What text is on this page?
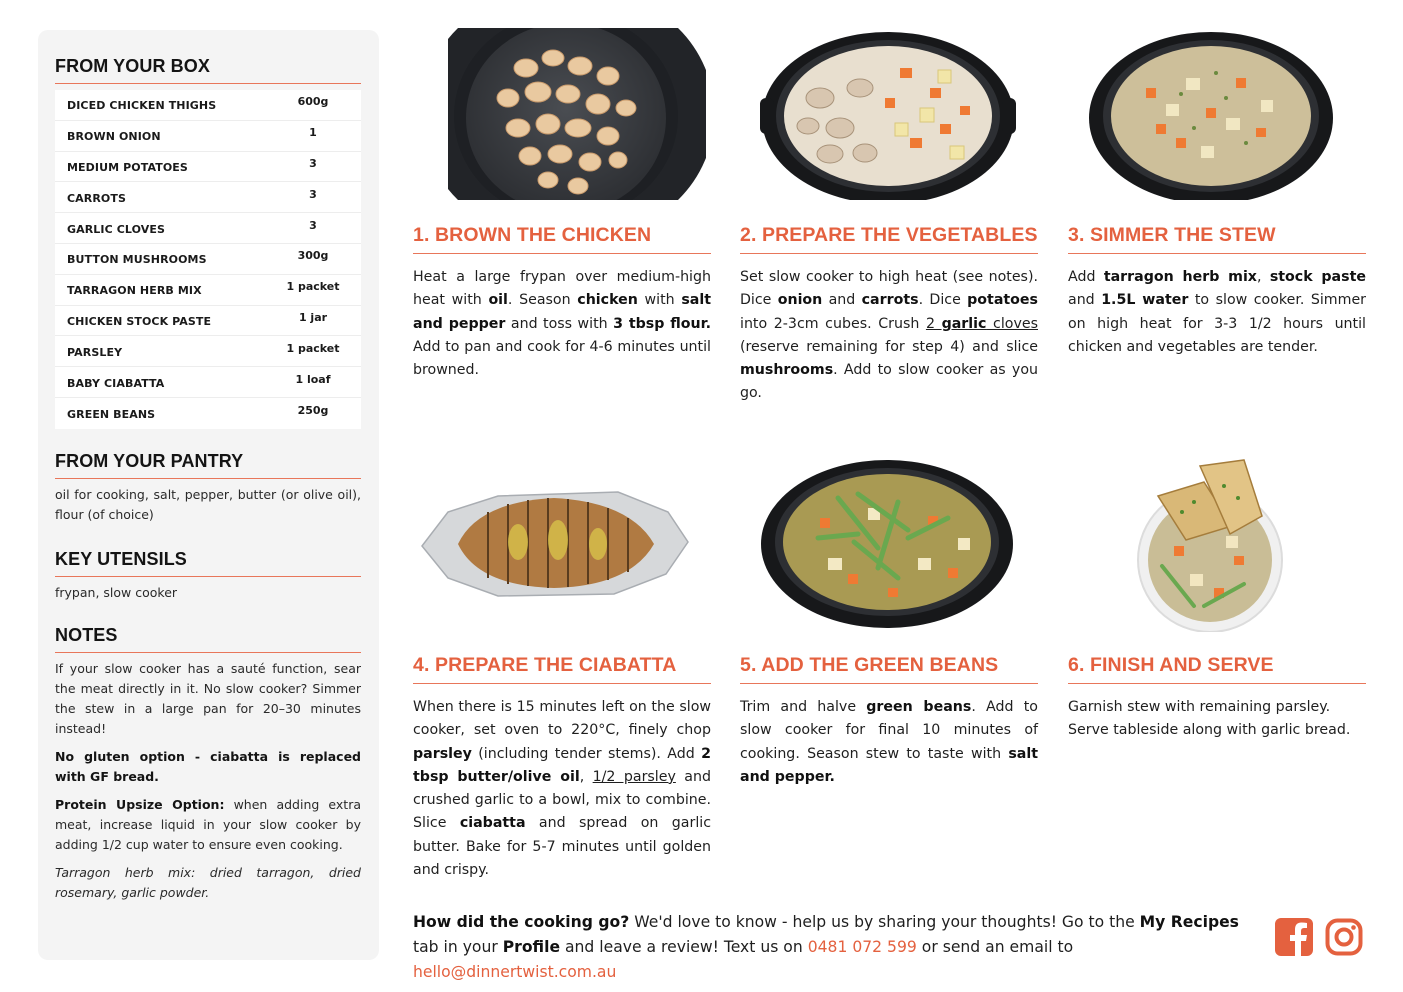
FROM YOUR BOX
DICED CHICKEN THIGHS	600g
BROWN ONION	1
MEDIUM POTATOES	3
CARROTS	3
GARLIC CLOVES	3
BUTTON MUSHROOMS	300g
TARRAGON HERB MIX	1 packet
CHICKEN STOCK PASTE	1 jar
PARSLEY	1 packet
BABY CIABATTA	1 loaf
GREEN BEANS	250g
FROM YOUR PANTRY

oil for cooking, salt, pepper, butter (or olive oil), flour (of choice)

KEY UTENSILS

frypan, slow cooker

NOTES

If your slow cooker has a sauté function, sear the meat directly in it. No slow cooker? Simmer the stew in a large pan for 20–30 minutes instead!

No gluten option - ciabatta is replaced with GF bread.

Protein Upsize Option: when adding extra meat, increase liquid in your slow cooker by adding 1/2 cup water to ensure even cooking.

Tarragon herb mix: dried tarragon, dried rosemary, garlic powder.

1. BROWN THE CHICKEN

Heat a large frypan over medium-high heat with oil. Season chicken with salt and pepper and toss with 3 tbsp flour. Add to pan and cook for 4-6 minutes until browned.

2. PREPARE THE VEGETABLES

Set slow cooker to high heat (see notes). Dice onion and carrots. Dice potatoes into 2-3cm cubes. Crush 2 garlic cloves (reserve remaining for step 4) and slice mushrooms. Add to slow cooker as you go.

3. SIMMER THE STEW

Add tarragon herb mix, stock paste and 1.5L water to slow cooker. Simmer on high heat for 3-3 1/2 hours until chicken and vegetables are tender.

4. PREPARE THE CIABATTA

When there is 15 minutes left on the slow cooker, set oven to 220°C, finely chop parsley (including tender stems). Add 2 tbsp butter/olive oil, 1/2 parsley and crushed garlic to a bowl, mix to combine. Slice ciabatta and spread on garlic butter. Bake for 5-7 minutes until golden and crispy.

5. ADD THE GREEN BEANS

Trim and halve green beans. Add to slow cooker for final 10 minutes of cooking. Season stew to taste with salt and pepper.

6. FINISH AND SERVE

Garnish stew with remaining parsley. Serve tableside along with garlic bread.

How did the cooking go? We'd love to know - help us by sharing your thoughts! Go to the My Recipes tab in your Profile and leave a review! Text us on 0481 072 599 or send an email to hello@dinnertwist.com.au
